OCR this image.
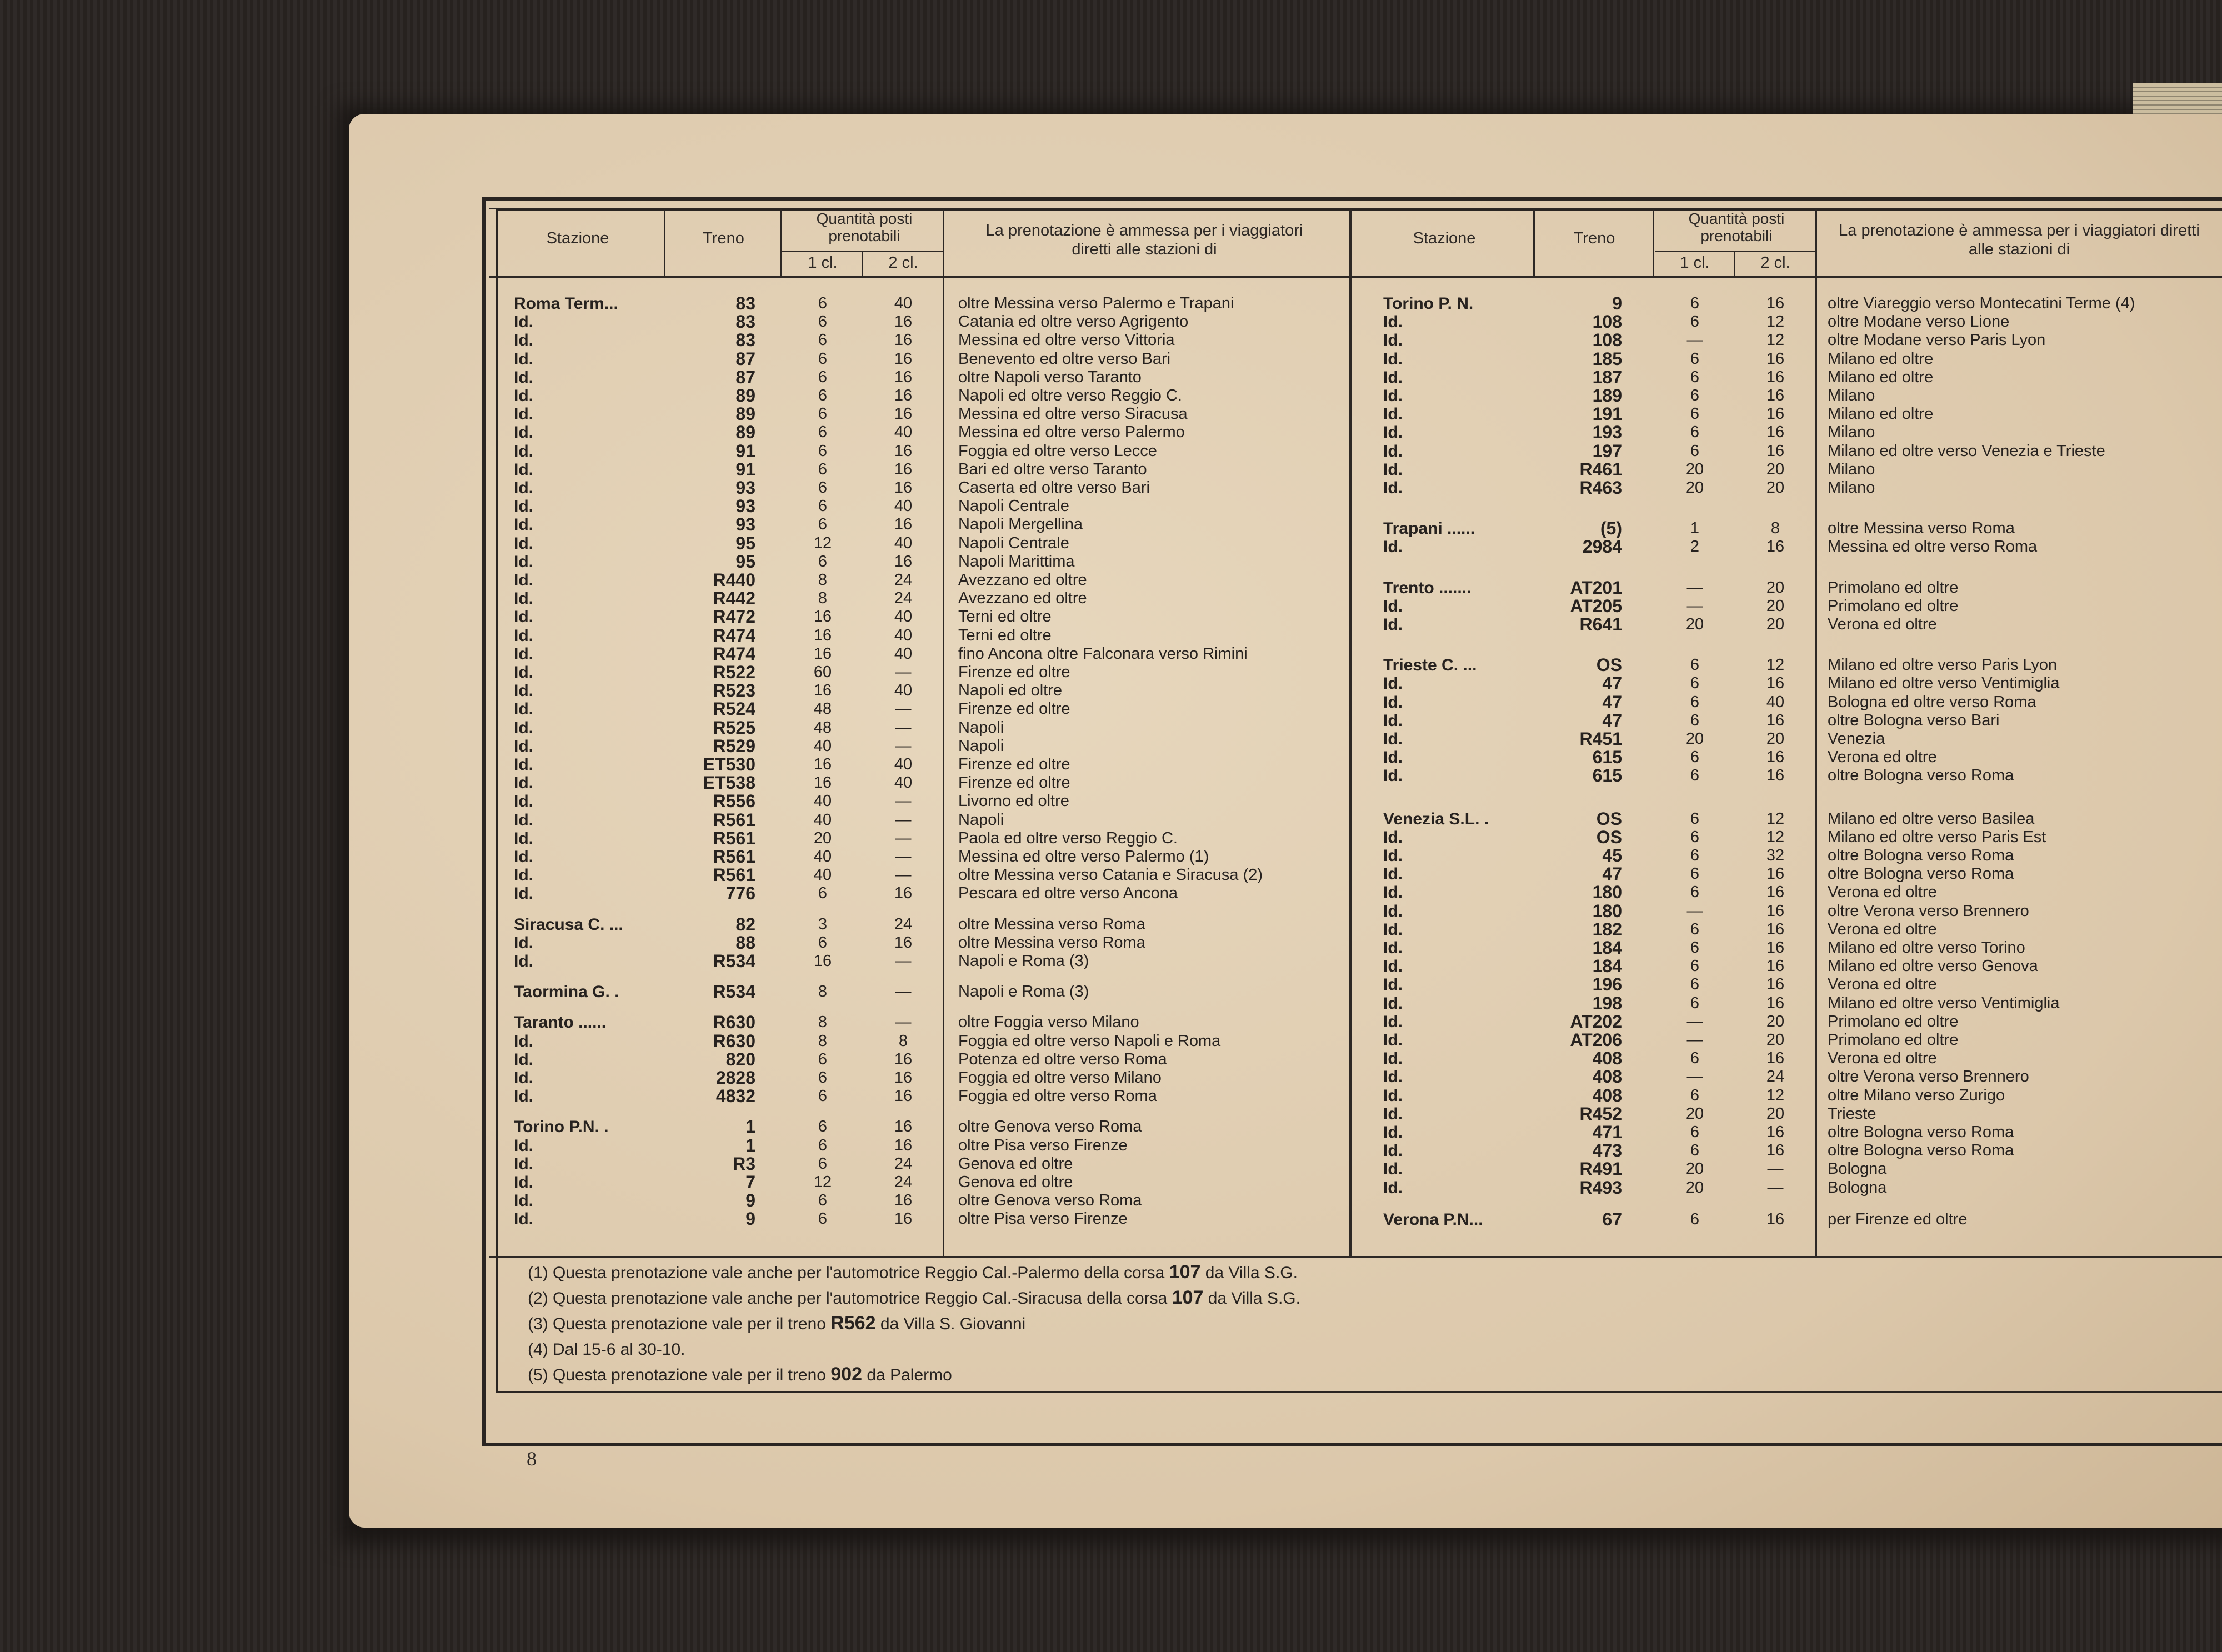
Stazione	Treno
Quantità posti prenotabili
1 cl.	2 cl.
La prenotazione è ammessa per i viaggiatori diretti alle stazioni di
Stazione	Treno
Quantità posti prenotabili
1 cl.	2 cl.
La prenotazione è ammessa per i viaggiatori diretti alle stazioni di
Roma Term...	83	6	40	oltre Messina verso Palermo e Trapani
Id.	83	6	16	Catania ed oltre verso Agrigento
Id.	83	6	16	Messina ed oltre verso Vittoria
Id.	87	6	16	Benevento ed oltre verso Bari
Id.	87	6	16	oltre Napoli verso Taranto
Id.	89	6	16	Napoli ed oltre verso Reggio C.
Id.	89	6	16	Messina ed oltre verso Siracusa
Id.	89	6	40	Messina ed oltre verso Palermo
Id.	91	6	16	Foggia ed oltre verso Lecce
Id.	91	6	16	Bari ed oltre verso Taranto
Id.	93	6	16	Caserta ed oltre verso Bari
Id.	93	6	40	Napoli Centrale
Id.	93	6	16	Napoli Mergellina
Id.	95	12	40	Napoli Centrale
Id.	95	6	16	Napoli Marittima
Id.	R440	8	24	Avezzano ed oltre
Id.	R442	8	24	Avezzano ed oltre
Id.	R472	16	40	Terni ed oltre
Id.	R474	16	40	Terni ed oltre
Id.	R474	16	40	fino Ancona oltre Falconara verso Rimini
Id.	R522	60	—	Firenze ed oltre
Id.	R523	16	40	Napoli ed oltre
Id.	R524	48	—	Firenze ed oltre
Id.	R525	48	—	Napoli
Id.	R529	40	—	Napoli
Id.	ET530	16	40	Firenze ed oltre
Id.	ET538	16	40	Firenze ed oltre
Id.	R556	40	—	Livorno ed oltre
Id.	R561	40	—	Napoli
Id.	R561	20	—	Paola ed oltre verso Reggio C.
Id.	R561	40	—	Messina ed oltre verso Palermo (1)
Id.	R561	40	—	oltre Messina verso Catania e Siracusa (2)
Id.	776	6	16	Pescara ed oltre verso Ancona
Siracusa C. ...	82	3	24	oltre Messina verso Roma
Id.	88	6	16	oltre Messina verso Roma
Id.	R534	16	—	Napoli e Roma (3)
Taormina G. .	R534	8	—	Napoli e Roma (3)
Taranto ......	R630	8	—	oltre Foggia verso Milano
Id.	R630	8	8	Foggia ed oltre verso Napoli e Roma
Id.	820	6	16	Potenza ed oltre verso Roma
Id.	2828	6	16	Foggia ed oltre verso Milano
Id.	4832	6	16	Foggia ed oltre verso Roma
Torino P.N. .	1	6	16	oltre Genova verso Roma
Id.	1	6	16	oltre Pisa verso Firenze
Id.	R3	6	24	Genova ed oltre
Id.	7	12	24	Genova ed oltre
Id.	9	6	16	oltre Genova verso Roma
Id.	9	6	16	oltre Pisa verso Firenze
Torino P. N.	9	6	16	oltre Viareggio verso Montecatini Terme (4)
Id.	108	6	12	oltre Modane verso Lione
Id.	108	—	12	oltre Modane verso Paris Lyon
Id.	185	6	16	Milano ed oltre
Id.	187	6	16	Milano ed oltre
Id.	189	6	16	Milano
Id.	191	6	16	Milano ed oltre
Id.	193	6	16	Milano
Id.	197	6	16	Milano ed oltre verso Venezia e Trieste
Id.	R461	20	20	Milano
Id.	R463	20	20	Milano
Trapani ......	(5)	1	8	oltre Messina verso Roma
Id.	2984	2	16	Messina ed oltre verso Roma
Trento .......	AT201	—	20	Primolano ed oltre
Id.	AT205	—	20	Primolano ed oltre
Id.	R641	20	20	Verona ed oltre
Trieste C. ...	OS	6	12	Milano ed oltre verso Paris Lyon
Id.	47	6	16	Milano ed oltre verso Ventimiglia
Id.	47	6	40	Bologna ed oltre verso Roma
Id.	47	6	16	oltre Bologna verso Bari
Id.	R451	20	20	Venezia
Id.	615	6	16	Verona ed oltre
Id.	615	6	16	oltre Bologna verso Roma
Venezia S.L. .	OS	6	12	Milano ed oltre verso Basilea
Id.	OS	6	12	Milano ed oltre verso Paris Est
Id.	45	6	32	oltre Bologna verso Roma
Id.	47	6	16	oltre Bologna verso Roma
Id.	180	6	16	Verona ed oltre
Id.	180	—	16	oltre Verona verso Brennero
Id.	182	6	16	Verona ed oltre
Id.	184	6	16	Milano ed oltre verso Torino
Id.	184	6	16	Milano ed oltre verso Genova
Id.	196	6	16	Verona ed oltre
Id.	198	6	16	Milano ed oltre verso Ventimiglia
Id.	AT202	—	20	Primolano ed oltre
Id.	AT206	—	20	Primolano ed oltre
Id.	408	6	16	Verona ed oltre
Id.	408	—	24	oltre Verona verso Brennero
Id.	408	6	12	oltre Milano verso Zurigo
Id.	R452	20	20	Trieste
Id.	471	6	16	oltre Bologna verso Roma
Id.	473	6	16	oltre Bologna verso Roma
Id.	R491	20	—	Bologna
Id.	R493	20	—	Bologna
Verona P.N...	67	6	16	per Firenze ed oltre
(1) Questa prenotazione vale anche per l'automotrice Reggio Cal.-Palermo della corsa 107 da Villa S.G.
(2) Questa prenotazione vale anche per l'automotrice Reggio Cal.-Siracusa della corsa 107 da Villa S.G.
(3) Questa prenotazione vale per il treno R562 da Villa S. Giovanni
(4) Dal 15-6 al 30-10.
(5) Questa prenotazione vale per il treno 902 da Palermo
8
